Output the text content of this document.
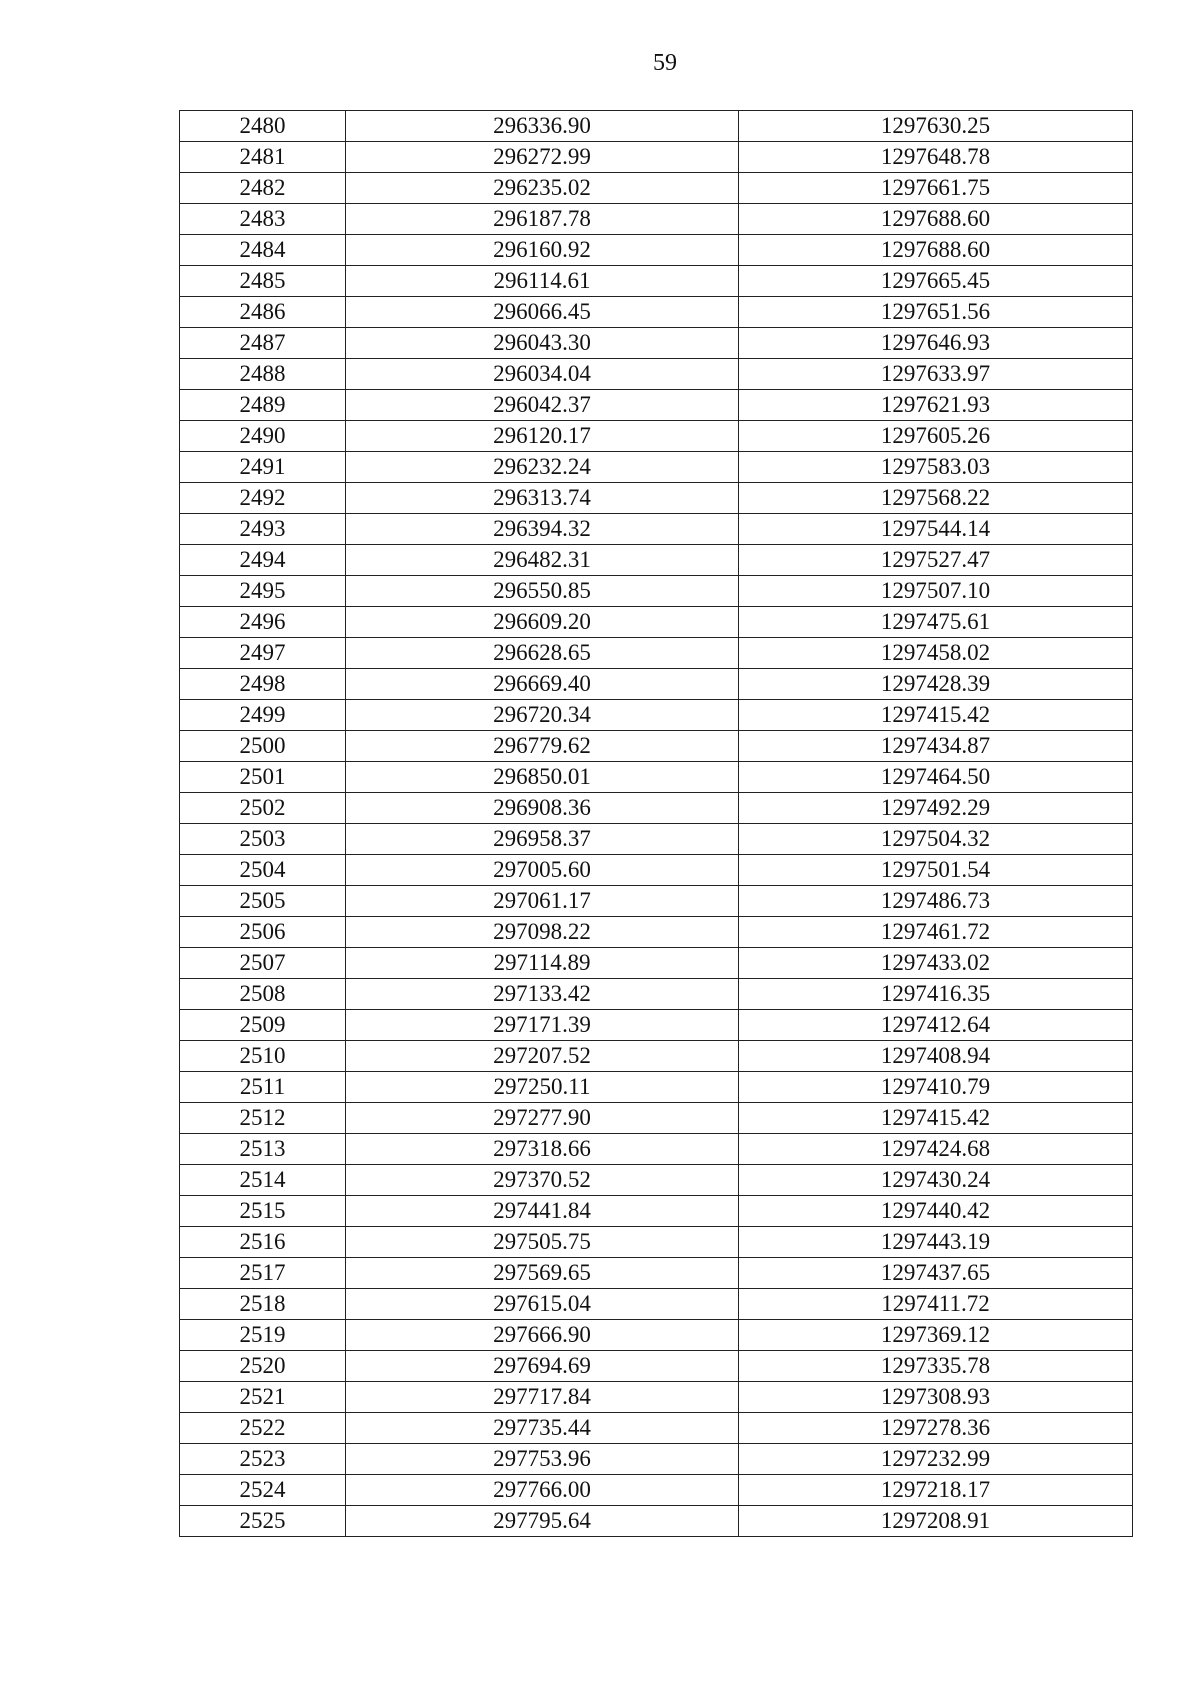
59
2480	296336.90	1297630.25
2481	296272.99	1297648.78
2482	296235.02	1297661.75
2483	296187.78	1297688.60
2484	296160.92	1297688.60
2485	296114.61	1297665.45
2486	296066.45	1297651.56
2487	296043.30	1297646.93
2488	296034.04	1297633.97
2489	296042.37	1297621.93
2490	296120.17	1297605.26
2491	296232.24	1297583.03
2492	296313.74	1297568.22
2493	296394.32	1297544.14
2494	296482.31	1297527.47
2495	296550.85	1297507.10
2496	296609.20	1297475.61
2497	296628.65	1297458.02
2498	296669.40	1297428.39
2499	296720.34	1297415.42
2500	296779.62	1297434.87
2501	296850.01	1297464.50
2502	296908.36	1297492.29
2503	296958.37	1297504.32
2504	297005.60	1297501.54
2505	297061.17	1297486.73
2506	297098.22	1297461.72
2507	297114.89	1297433.02
2508	297133.42	1297416.35
2509	297171.39	1297412.64
2510	297207.52	1297408.94
2511	297250.11	1297410.79
2512	297277.90	1297415.42
2513	297318.66	1297424.68
2514	297370.52	1297430.24
2515	297441.84	1297440.42
2516	297505.75	1297443.19
2517	297569.65	1297437.65
2518	297615.04	1297411.72
2519	297666.90	1297369.12
2520	297694.69	1297335.78
2521	297717.84	1297308.93
2522	297735.44	1297278.36
2523	297753.96	1297232.99
2524	297766.00	1297218.17
2525	297795.64	1297208.91
